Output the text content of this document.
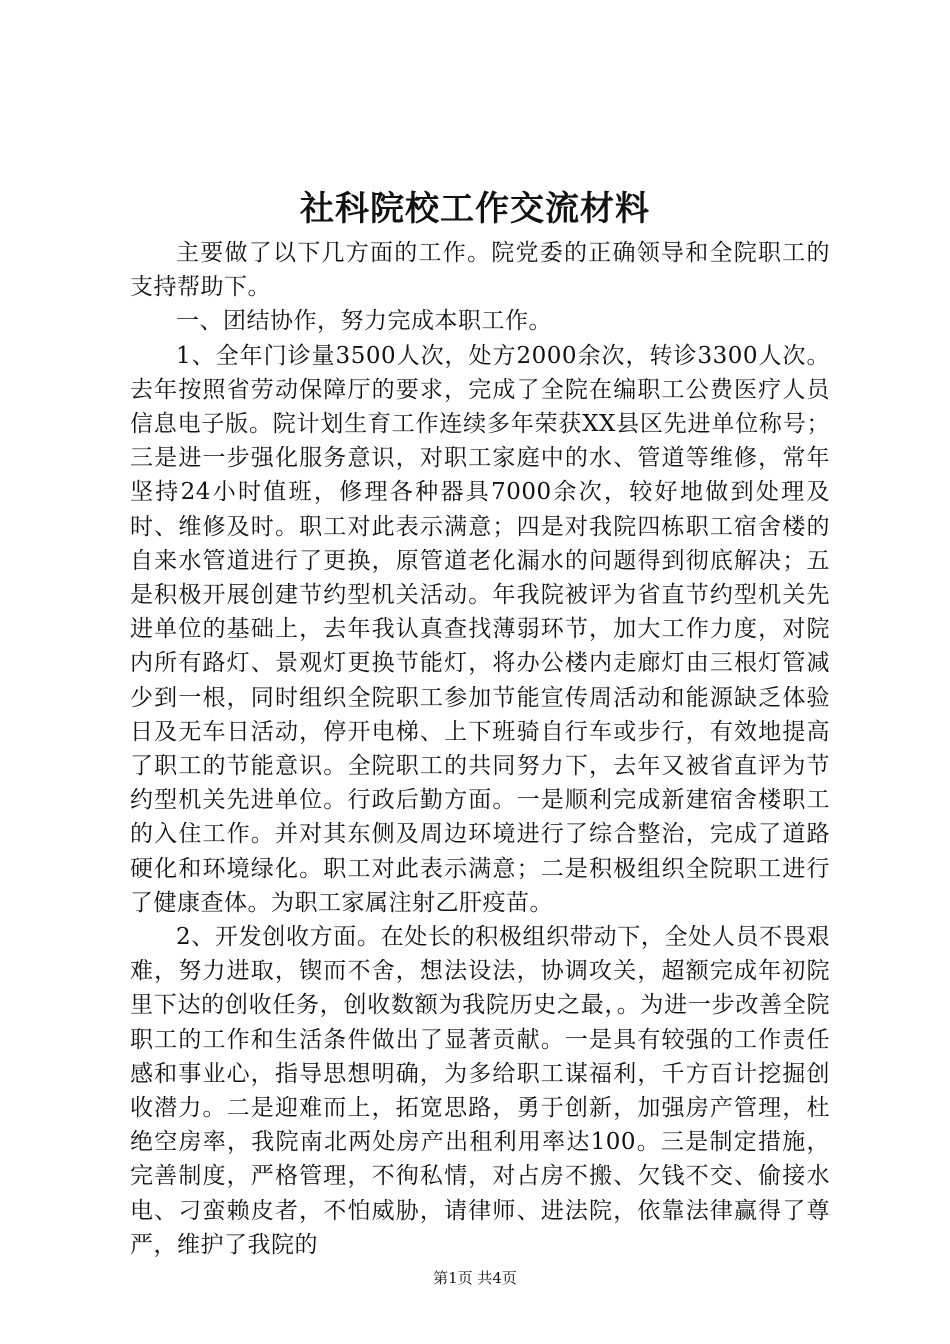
社科院校工作交流材料

主要做了以下几方面的工作。院党委的正确领导和全院职工的支持帮助下。

一、团结协作，努力完成本职工作。

1、全年门诊量3500人次，处方2000余次，转诊3300人次。去年按照省劳动保障厅的要求，完成了全院在编职工公费医疗人员信息电子版。院计划生育工作连续多年荣获XX县区先进单位称号；三是进一步强化服务意识，对职工家庭中的水、管道等维修，常年坚持24小时值班，修理各种器具7000余次，较好地做到处理及时、维修及时。职工对此表示满意；四是对我院四栋职工宿舍楼的自来水管道进行了更换，原管道老化漏水的问题得到彻底解决；五是积极开展创建节约型机关活动。年我院被评为省直节约型机关先进单位的基础上，去年我认真查找薄弱环节，加大工作力度，对院内所有路灯、景观灯更换节能灯，将办公楼内走廊灯由三根灯管减少到一根，同时组织全院职工参加节能宣传周活动和能源缺乏体验日及无车日活动，停开电梯、上下班骑自行车或步行，有效地提高了职工的节能意识。全院职工的共同努力下，去年又被省直评为节约型机关先进单位。行政后勤方面。一是顺利完成新建宿舍楼职工的入住工作。并对其东侧及周边环境进行了综合整治，完成了道路硬化和环境绿化。职工对此表示满意；二是积极组织全院职工进行了健康查体。为职工家属注射乙肝疫苗。

2、开发创收方面。在处长的积极组织带动下，全处人员不畏艰难，努力进取，锲而不舍，想法设法，协调攻关，超额完成年初院里下达的创收任务，创收数额为我院历史之最，。为进一步改善全院职工的工作和生活条件做出了显著贡献。一是具有较强的工作责任感和事业心，指导思想明确，为多给职工谋福利，千方百计挖掘创收潜力。二是迎难而上，拓宽思路，勇于创新，加强房产管理，杜绝空房率，我院南北两处房产出租利用率达100。三是制定措施，完善制度，严格管理，不徇私情，对占房不搬、欠钱不交、偷接水电、刁蛮赖皮者，不怕威胁，请律师、进法院，依靠法律赢得了尊严，维护了我院的

第1页 共4页
